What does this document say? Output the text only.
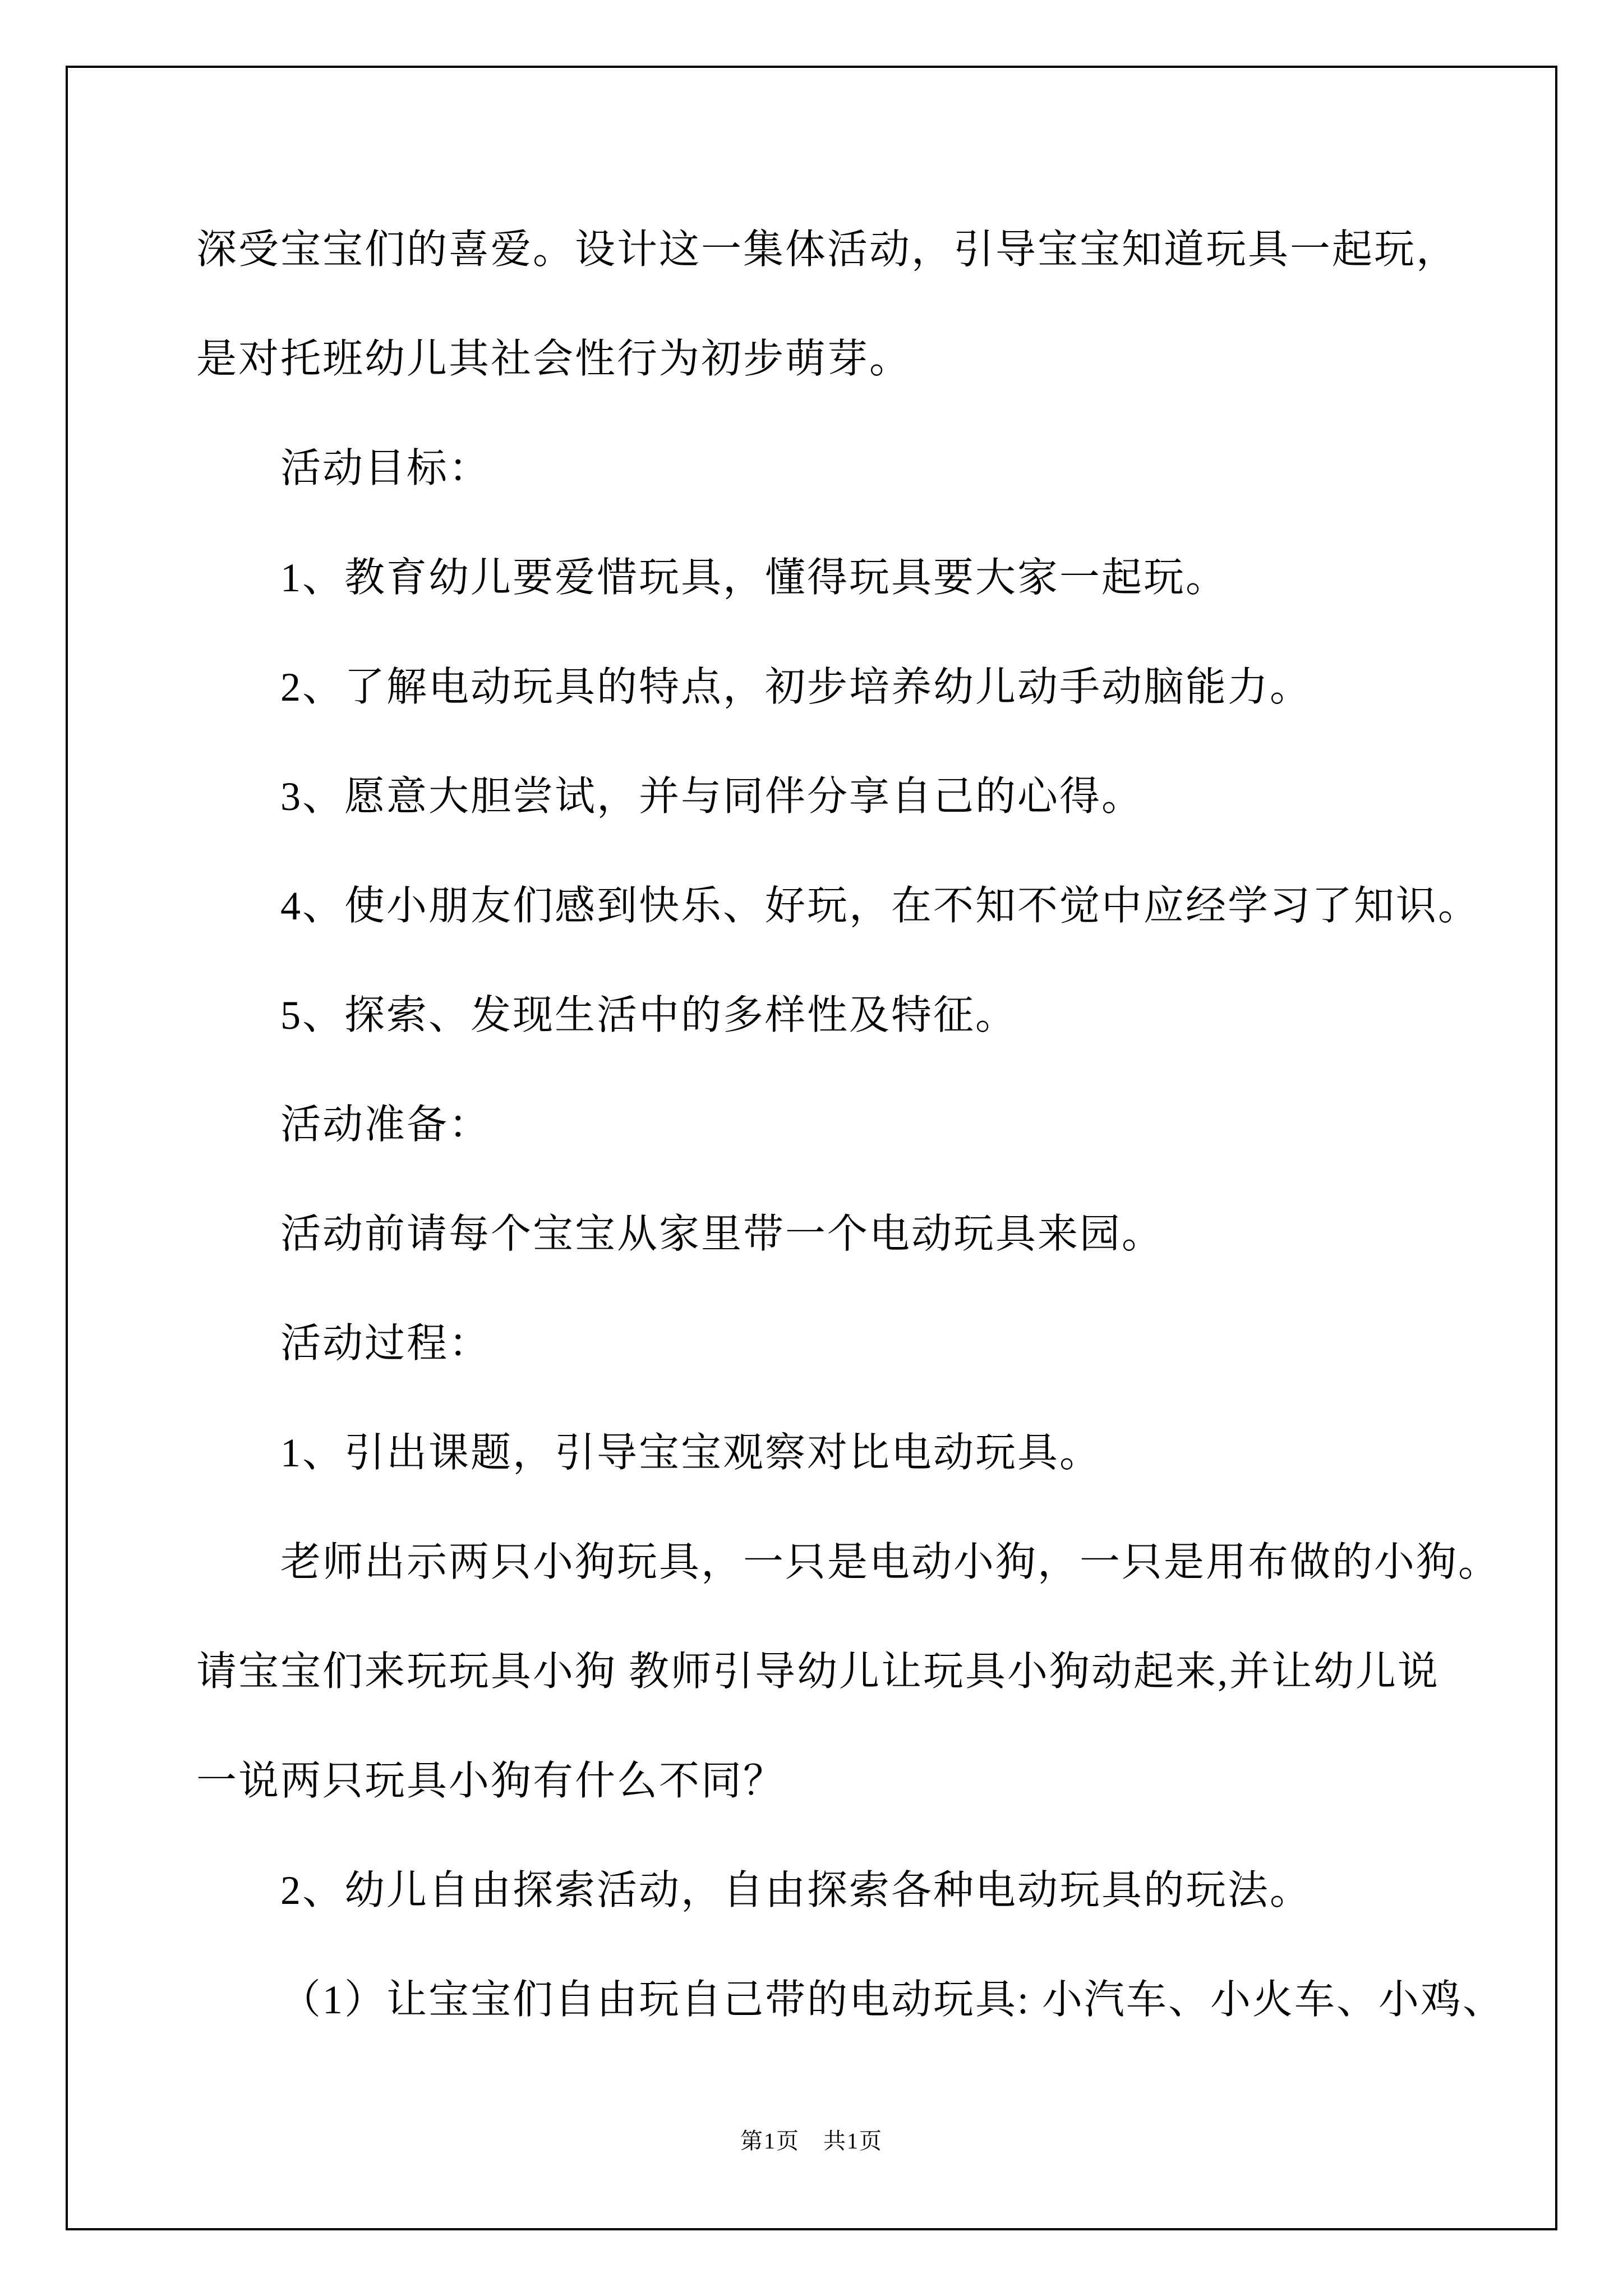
深受宝宝们的喜爱。设计这一集体活动，引导宝宝知道玩具一起玩，
是对托班幼儿其社会性行为初步萌芽。
活动目标：
1、教育幼儿要爱惜玩具，懂得玩具要大家一起玩。
2、了解电动玩具的特点，初步培养幼儿动手动脑能力。
3、愿意大胆尝试，并与同伴分享自己的心得。
4、使小朋友们感到快乐、好玩，在不知不觉中应经学习了知识。
5、探索、发现生活中的多样性及特征。
活动准备：
活动前请每个宝宝从家里带一个电动玩具来园。
活动过程：
1、引出课题，引导宝宝观察对比电动玩具。
老师出示两只小狗玩具，一只是电动小狗，一只是用布做的小狗。
请宝宝们来玩玩具小狗 教师引导幼儿让玩具小狗动起来,并让幼儿说
一说两只玩具小狗有什么不同？
2、幼儿自由探索活动，自由探索各种电动玩具的玩法。
（1）让宝宝们自由玩自己带的电动玩具: 小汽车、小火车、小鸡、
第1页 共1页
